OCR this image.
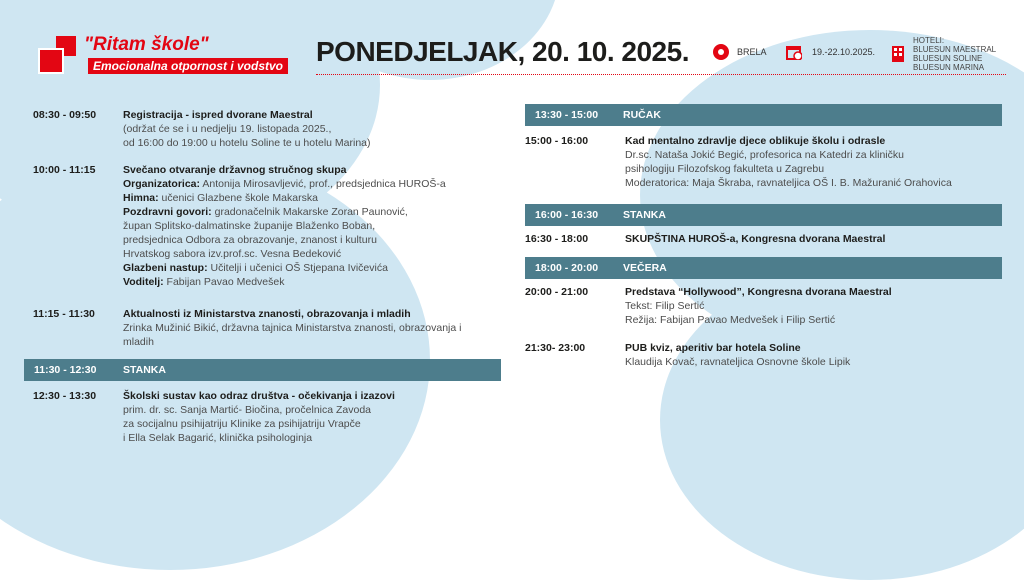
"Ritam škole"
Emocionalna otpornost i vodstvo PONEDJELJAK, 20. 10. 2025.	BRELA	19.-22.10.2025.
HOTELI:
BLUESUN MAESTRAL
BLUESUN SOLINE
BLUESUN MARINA
08:30 - 09:50	Registracija - ispred dvorane Maestral
(održat će se i u nedjelju 19. listopada 2025.,
od 16:00 do 19:00 u hotelu Soline te u hotelu Marina)
10:00 - 11:15	Svečano otvaranje državnog stručnog skupa
Organizatorica: Antonija Mirosavljević, prof., predsjednica HUROŠ-a
Himna: učenici Glazbene škole Makarska
Pozdravni govori: gradonačelnik Makarske Zoran Paunović,
župan Splitsko-dalmatinske županije Blaženko Boban,
predsjednica Odbora za obrazovanje, znanost i kulturu
Hrvatskog sabora izv.prof.sc. Vesna Bedeković
Glazbeni nastup: Učitelji i učenici OŠ Stjepana Ivičevića
Voditelj: Fabijan Pavao Medvešek
11:15 - 11:30	Aktualnosti iz Ministarstva znanosti, obrazovanja i mladih
Zrinka Mužinić Bikić, državna tajnica Ministarstva znanosti, obrazovanja i
mladih
11:30 - 12:30	STANKA
12:30 - 13:30	Školski sustav kao odraz društva - očekivanja i izazovi
prim. dr. sc. Sanja Martić- Biočina, pročelnica Zavoda
za socijalnu psihijatriju Klinike za psihijatriju Vrapče
i Ella Selak Bagarić, klinička psihologinja
13:30 - 15:00 RUČAK
15:00 - 16:00	Kad mentalno zdravlje djece oblikuje školu i odrasle
Dr.sc. Nataša Jokić Begić, profesorica na Katedri za kliničku
psihologiju Filozofskog fakulteta u Zagrebu
Moderatorica: Maja Škraba, ravnateljica OŠ I. B. Mažuranić Orahovica
16:00 - 16:30 STANKA
16:30 - 18:00	SKUPŠTINA HUROŠ-a, Kongresna dvorana Maestral
18:00 - 20:00 VEČERA
20:00 - 21:00	Predstava “Hollywood”, Kongresna dvorana Maestral
Tekst: Filip Sertić
Režija: Fabijan Pavao Medvešek i Filip Sertić
21:30- 23:00	PUB kviz, aperitiv bar hotela Soline
Klaudija Kovač, ravnateljica Osnovne škole Lipik
